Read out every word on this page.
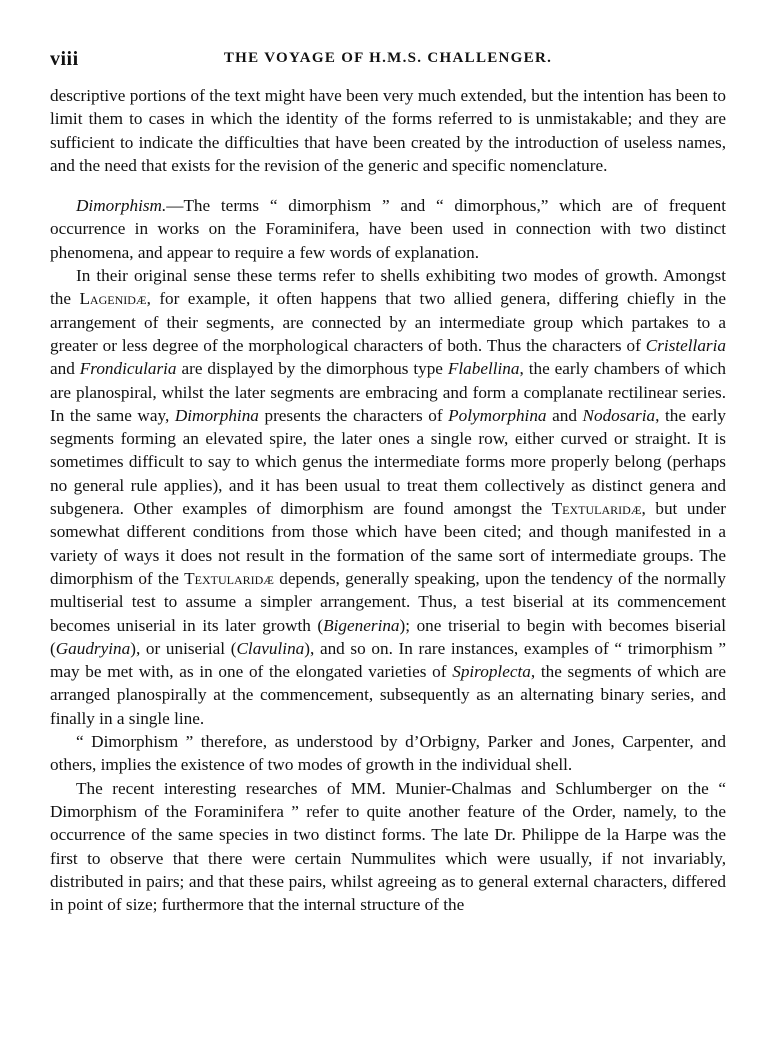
viii	THE VOYAGE OF H.M.S. CHALLENGER.

descriptive portions of the text might have been very much extended, but the intention has been to limit them to cases in which the identity of the forms referred to is unmistakable; and they are sufficient to indicate the difficulties that have been created by the introduction of useless names, and the need that exists for the revision of the generic and specific nomenclature.

Dimorphism.—The terms “ dimorphism ” and “ dimorphous,” which are of frequent occurrence in works on the Foraminifera, have been used in connection with two distinct phenomena, and appear to require a few words of explanation.

In their original sense these terms refer to shells exhibiting two modes of growth. Amongst the Lagenidæ, for example, it often happens that two allied genera, differing chiefly in the arrangement of their segments, are connected by an intermediate group which partakes to a greater or less degree of the morphological characters of both. Thus the characters of Cristellaria and Frondicularia are displayed by the dimorphous type Flabellina, the early chambers of which are planospiral, whilst the later segments are embracing and form a complanate rectilinear series. In the same way, Dimorphina presents the characters of Polymorphina and Nodosaria, the early segments forming an elevated spire, the later ones a single row, either curved or straight. It is sometimes difficult to say to which genus the intermediate forms more properly belong (perhaps no general rule applies), and it has been usual to treat them collectively as distinct genera and subgenera. Other examples of dimorphism are found amongst the Textularidæ, but under somewhat different conditions from those which have been cited; and though manifested in a variety of ways it does not result in the formation of the same sort of intermediate groups. The dimorphism of the Textularidæ depends, generally speaking, upon the tendency of the normally multiserial test to assume a simpler arrangement. Thus, a test biserial at its commencement becomes uniserial in its later growth (Bigenerina); one triserial to begin with becomes biserial (Gaudryina), or uniserial (Clavulina), and so on. In rare instances, examples of “ trimorphism ” may be met with, as in one of the elongated varieties of Spiroplecta, the segments of which are arranged planospirally at the commencement, subsequently as an alternating binary series, and finally in a single line.

“ Dimorphism ” therefore, as understood by d’Orbigny, Parker and Jones, Carpenter, and others, implies the existence of two modes of growth in the individual shell.

The recent interesting researches of MM. Munier-Chalmas and Schlumberger on the “ Dimorphism of the Foraminifera ” refer to quite another feature of the Order, namely, to the occurrence of the same species in two distinct forms. The late Dr. Philippe de la Harpe was the first to observe that there were certain Nummulites which were usually, if not invariably, distributed in pairs; and that these pairs, whilst agreeing as to general external characters, differed in point of size; furthermore that the internal structure of the
